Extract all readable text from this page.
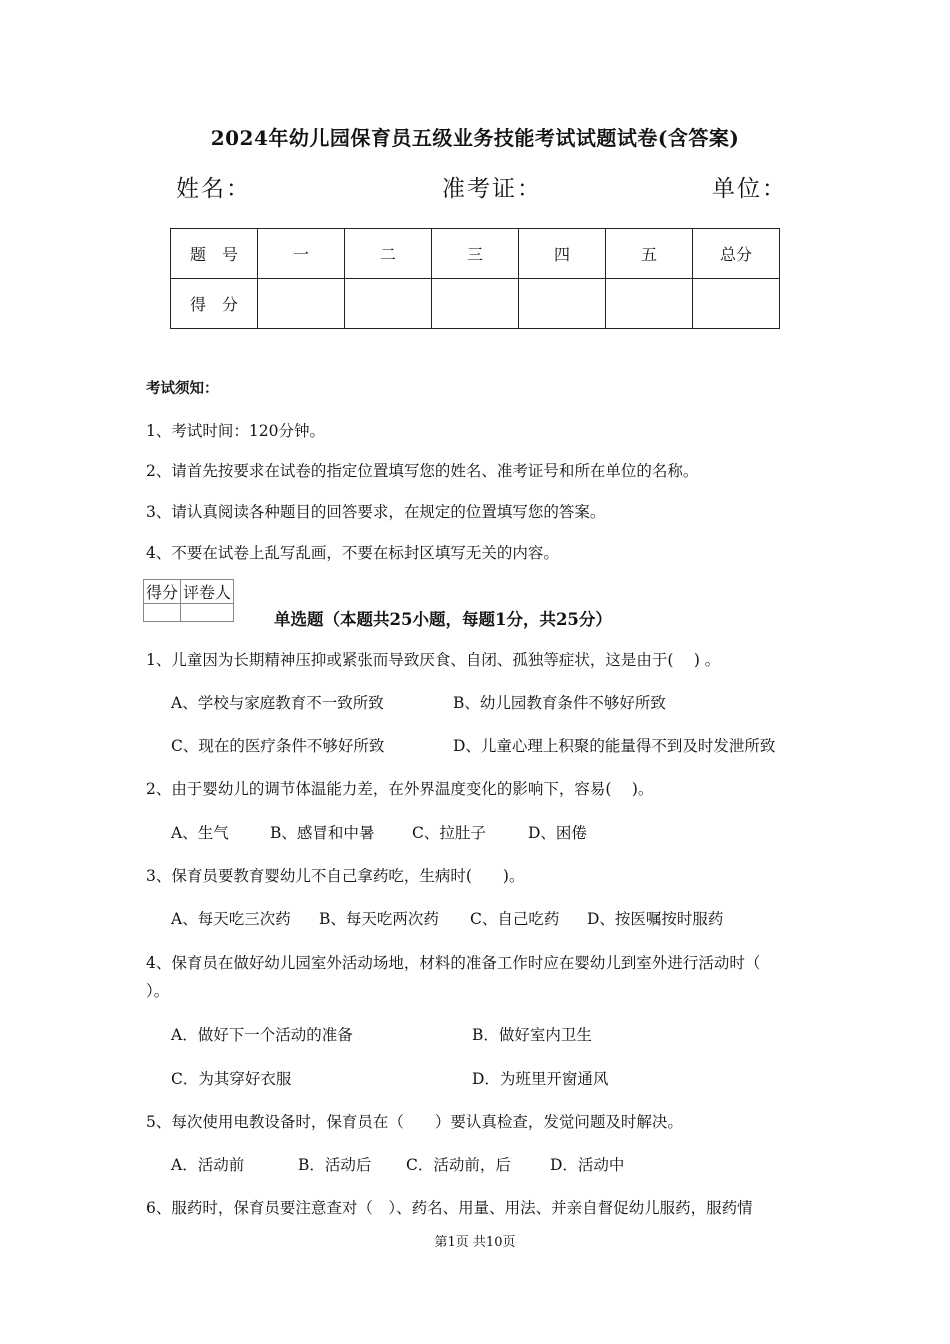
2024年幼儿园保育员五级业务技能考试试题试卷(含答案)
姓名：	准考证：	单位：
题　号	一	二	三	四	五	总分
得　分						
考试须知：
1、考试时间：120分钟。
2、请首先按要求在试卷的指定位置填写您的姓名、准考证号和所在单位的名称。
3、请认真阅读各种题目的回答要求，在规定的位置填写您的答案。
4、不要在试卷上乱写乱画，不要在标封区填写无关的内容。
得分	评卷人

单选题（本题共25小题，每题1分，共25分）
1、儿童因为长期精神压抑或紧张而导致厌食、自闭、孤独等症状，这是由于(　 ) 。
A、学校与家庭教育不一致所致	B、幼儿园教育条件不够好所致
C、现在的医疗条件不够好所致	D、儿童心理上积聚的能量得不到及时发泄所致
2、由于婴幼儿的调节体温能力差，在外界温度变化的影响下，容易(　 )。
A、生气	B、感冒和中暑 C、拉肚子	D、困倦
3、保育员要教育婴幼儿不自己拿药吃，生病时(　　)。
A、每天吃三次药 B、每天吃两次药 C、自己吃药 D、按医嘱按时服药
4、保育员在做好幼儿园室外活动场地，材料的准备工作时应在婴幼儿到室外进行活动时（
）。
A．做好下一个活动的准备	B．做好室内卫生
C．为其穿好衣服	D．为班里开窗通风
5、每次使用电教设备时，保育员在（　　）要认真检查，发觉问题及时解决。
A．活动前	B．活动后 C．活动前，后	D．活动中
6、服药时，保育员要注意查对（　）、药名、用量、用法、并亲自督促幼儿服药，服药情
第1页 共10页
